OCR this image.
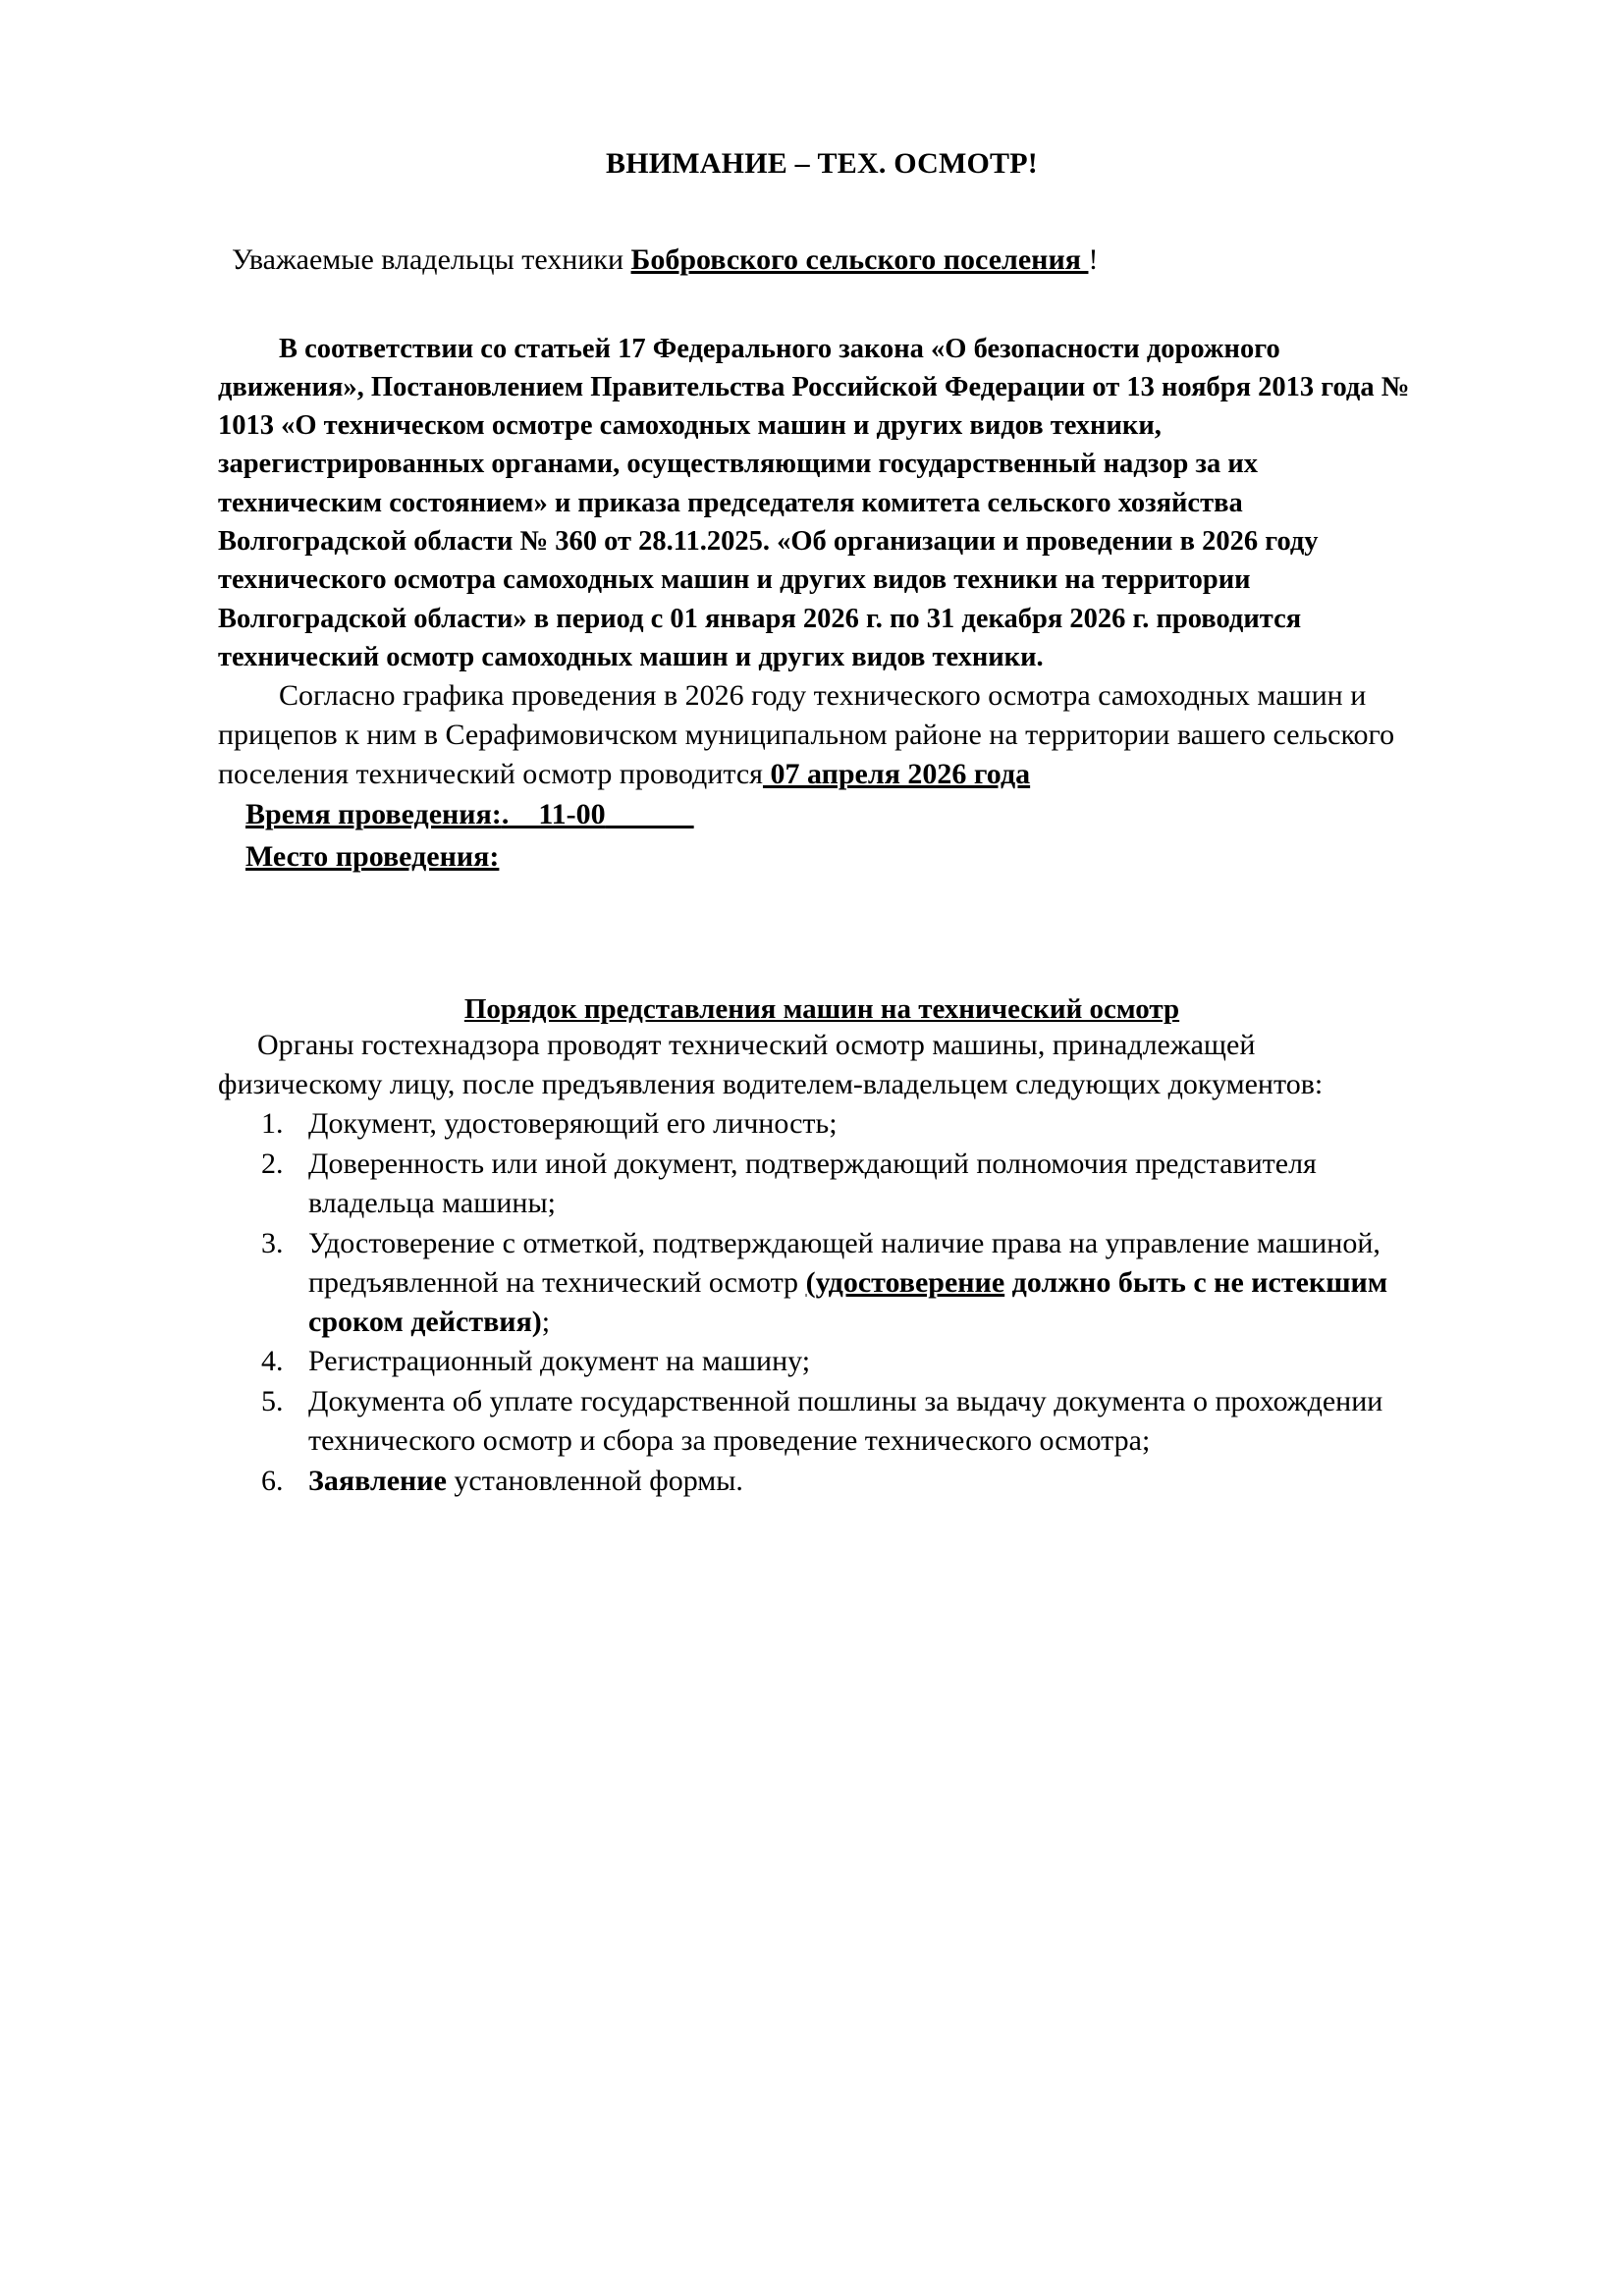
ВНИМАНИЕ – ТЕХ. ОСМОТР!
Уважаемые владельцы техники Бобровского сельского поселения !

В соответствии со статьей 17 Федерального закона «О безопасности дорожного движения», Постановлением Правительства Российской Федерации от 13 ноября 2013 года № 1013 «О техническом осмотре самоходных машин и других видов техники, зарегистрированных органами, осуществляющими государственный надзор за их техническим состоянием» и приказа председателя комитета сельского хозяйства Волгоградской области № 360 от 28.11.2025. «Об организации и проведении в 2026 году технического осмотра самоходных машин и других видов техники на территории Волгоградской области» в период с 01 января 2026 г. по 31 декабря 2026 г. проводится технический осмотр самоходных машин и других видов техники.

Согласно графика проведения в 2026 году технического осмотра самоходных машин и прицепов к ним в Серафимовичском муниципальном районе на территории вашего сельского поселения технический осмотр проводится 07 апреля 2026 года

Время проведения:.    11-00

Место проведения:

Порядок представления машин на технический осмотр

Органы гостехнадзора проводят технический осмотр машины, принадлежащей физическому лицу, после предъявления водителем-владельцем следующих документов:

1. Документ, удостоверяющий его личность;
2. Доверенность или иной документ, подтверждающий полномочия представителя владельца машины;
3. Удостоверение с отметкой, подтверждающей наличие права на управление машиной, предъявленной на технический осмотр (удостоверение должно быть с не истекшим сроком действия);
4. Регистрационный документ на машину;
5. Документа об уплате государственной пошлины за выдачу документа о прохождении технического осмотр и сбора за проведение технического осмотра;
6. Заявление установленной формы.
